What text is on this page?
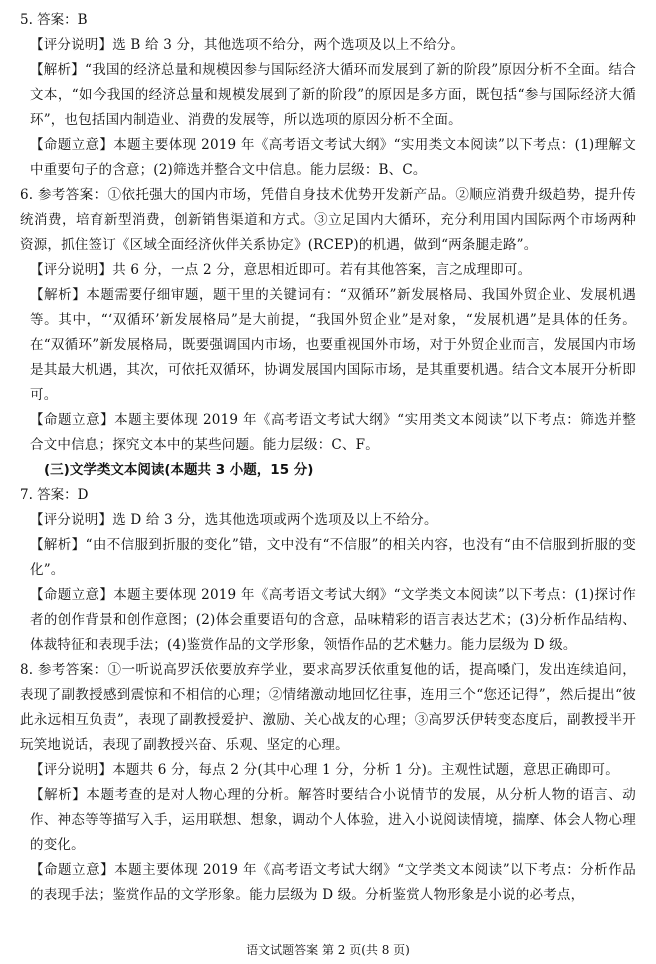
5. 答案：B

【评分说明】选 B 给 3 分，其他选项不给分，两个选项及以上不给分。

【解析】“我国的经济总量和规模因参与国际经济大循环而发展到了新的阶段”原因分析不全面。结合文本，“如今我国的经济总量和规模发展到了新的阶段”的原因是多方面，既包括“参与国际经济大循环”，也包括国内制造业、消费的发展等，所以选项的原因分析不全面。

【命题立意】本题主要体现 2019 年《高考语文考试大纲》“实用类文本阅读”以下考点：(1)理解文中重要句子的含意；(2)筛选并整合文中信息。能力层级：B、C。

6. 参考答案：①依托强大的国内市场，凭借自身技术优势开发新产品。②顺应消费升级趋势，提升传统消费，培育新型消费，创新销售渠道和方式。③立足国内大循环，充分利用国内国际两个市场两种资源，抓住签订《区域全面经济伙伴关系协定》(RCEP)的机遇，做到“两条腿走路”。

【评分说明】共 6 分，一点 2 分，意思相近即可。若有其他答案，言之成理即可。

【解析】本题需要仔细审题，题干里的关键词有：“双循环”新发展格局、我国外贸企业、发展机遇等。其中，“‘双循环’新发展格局”是大前提，“我国外贸企业”是对象，“发展机遇”是具体的任务。在“双循环”新发展格局，既要强调国内市场，也要重视国外市场，对于外贸企业而言，发展国内市场是其最大机遇，其次，可依托双循环，协调发展国内国际市场，是其重要机遇。结合文本展开分析即可。

【命题立意】本题主要体现 2019 年《高考语文考试大纲》“实用类文本阅读”以下考点：筛选并整合文中信息；探究文本中的某些问题。能力层级：C、F。

(三)文学类文本阅读(本题共 3 小题，15 分)

7. 答案：D

【评分说明】选 D 给 3 分，选其他选项或两个选项及以上不给分。

【解析】“由不信服到折服的变化”错，文中没有“不信服”的相关内容，也没有“由不信服到折服的变化”。

【命题立意】本题主要体现 2019 年《高考语文考试大纲》“文学类文本阅读”以下考点：(1)探讨作者的创作背景和创作意图；(2)体会重要语句的含意，品味精彩的语言表达艺术；(3)分析作品结构、体裁特征和表现手法；(4)鉴赏作品的文学形象，领悟作品的艺术魅力。能力层级为 D 级。

8. 参考答案：①一听说高罗沃依要放弃学业，要求高罗沃依重复他的话，提高嗓门，发出连续追问，表现了副教授感到震惊和不相信的心理；②情绪激动地回忆往事，连用三个“您还记得”，然后提出“彼此永远相互负责”，表现了副教授爱护、激励、关心战友的心理；③高罗沃伊转变态度后，副教授半开玩笑地说话，表现了副教授兴奋、乐观、坚定的心理。

【评分说明】本题共 6 分，每点 2 分(其中心理 1 分，分析 1 分)。主观性试题，意思正确即可。

【解析】本题考查的是对人物心理的分析。解答时要结合小说情节的发展，从分析人物的语言、动作、神态等等描写入手，运用联想、想象，调动个人体验，进入小说阅读情境，揣摩、体会人物心理的变化。

【命题立意】本题主要体现 2019 年《高考语文考试大纲》“文学类文本阅读”以下考点：分析作品的表现手法；鉴赏作品的文学形象。能力层级为 D 级。分析鉴赏人物形象是小说的必考点，

语文试题答案 第 2 页(共 8 页)
